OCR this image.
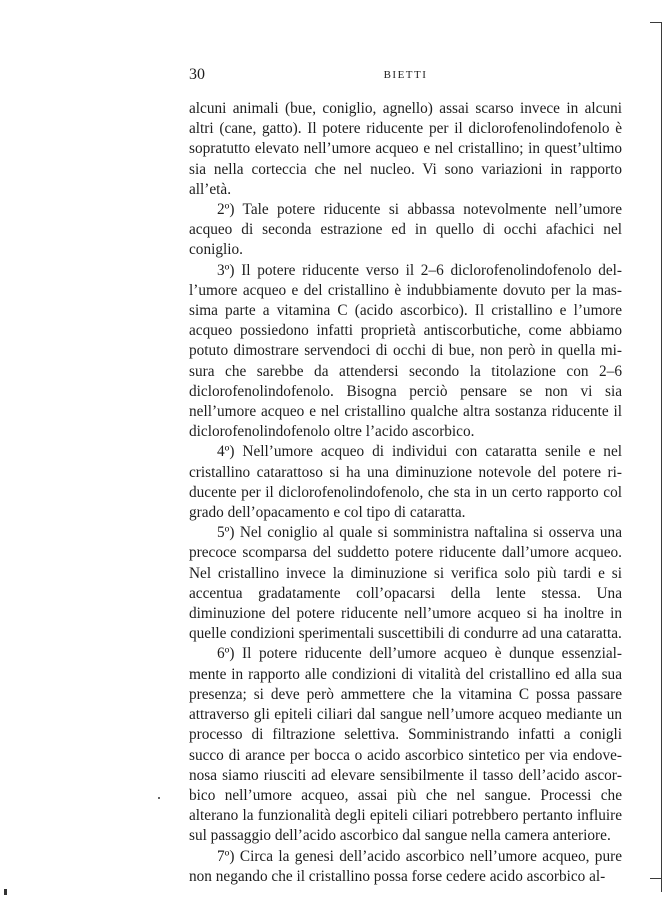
30	BIETTI

alcuni animali (bue, coniglio, agnello) assai scarso invece in alcuni altri (cane, gatto). Il potere riducente per il diclorofenolindofenolo è sopratutto elevato nell’umore acqueo e nel cristallino; in quest’ultimo sia nella corteccia che nel nucleo. Vi sono variazioni in rapporto all’età.

2º) Tale potere riducente si abbassa notevolmente nell’umore acqueo di seconda estrazione ed in quello di occhi afachici nel coniglio.

3º) Il potere riducente verso il 2–6 diclorofenolindofenolo dell’umore acqueo e del cristallino è indubbiamente dovuto per la massima parte a vitamina C (acido ascorbico). Il cristallino e l’umore acqueo possiedono infatti proprietà antiscorbutiche, come abbiamo potuto dimostrare servendoci di occhi di bue, non però in quella misura che sarebbe da attendersi secondo la titolazione con 2–6 diclorofenolindofenolo. Bisogna perciò pensare se non vi sia nell’umore acqueo e nel cristallino qualche altra sostanza riducente il diclorofenolindofenolo oltre l’acido ascorbico.

4º) Nell’umore acqueo di individui con cataratta senile e nel cristallino catarattoso si ha una diminuzione notevole del potere riducente per il diclorofenolindofenolo, che sta in un certo rapporto col grado dell’opacamento e col tipo di cataratta.

5º) Nel coniglio al quale si somministra naftalina si osserva una precoce scomparsa del suddetto potere riducente dall’umore acqueo. Nel cristallino invece la diminuzione si verifica solo più tardi e si accentua gradatamente coll’opacarsi della lente stessa. Una diminuzione del potere riducente nell’umore acqueo si ha inoltre in quelle condizioni sperimentali suscettibili di condurre ad una cataratta.

6º) Il potere riducente dell’umore acqueo è dunque essenzialmente in rapporto alle condizioni di vitalità del cristallino ed alla sua presenza; si deve però ammettere che la vitamina C possa passare attraverso gli epiteli ciliari dal sangue nell’umore acqueo mediante un processo di filtrazione selettiva. Somministrando infatti a conigli succo di arance per bocca o acido ascorbico sintetico per via endovenosa siamo riusciti ad elevare sensibilmente il tasso dell’acido ascorbico nell’umore acqueo, assai più che nel sangue. Processi che alterano la funzionalità degli epiteli ciliari potrebbero pertanto influire sul passaggio dell’acido ascorbico dal sangue nella camera anteriore.

7º) Circa la genesi dell’acido ascorbico nell’umore acqueo, pure non negando che il cristallino possa forse cedere acido ascorbico al-
